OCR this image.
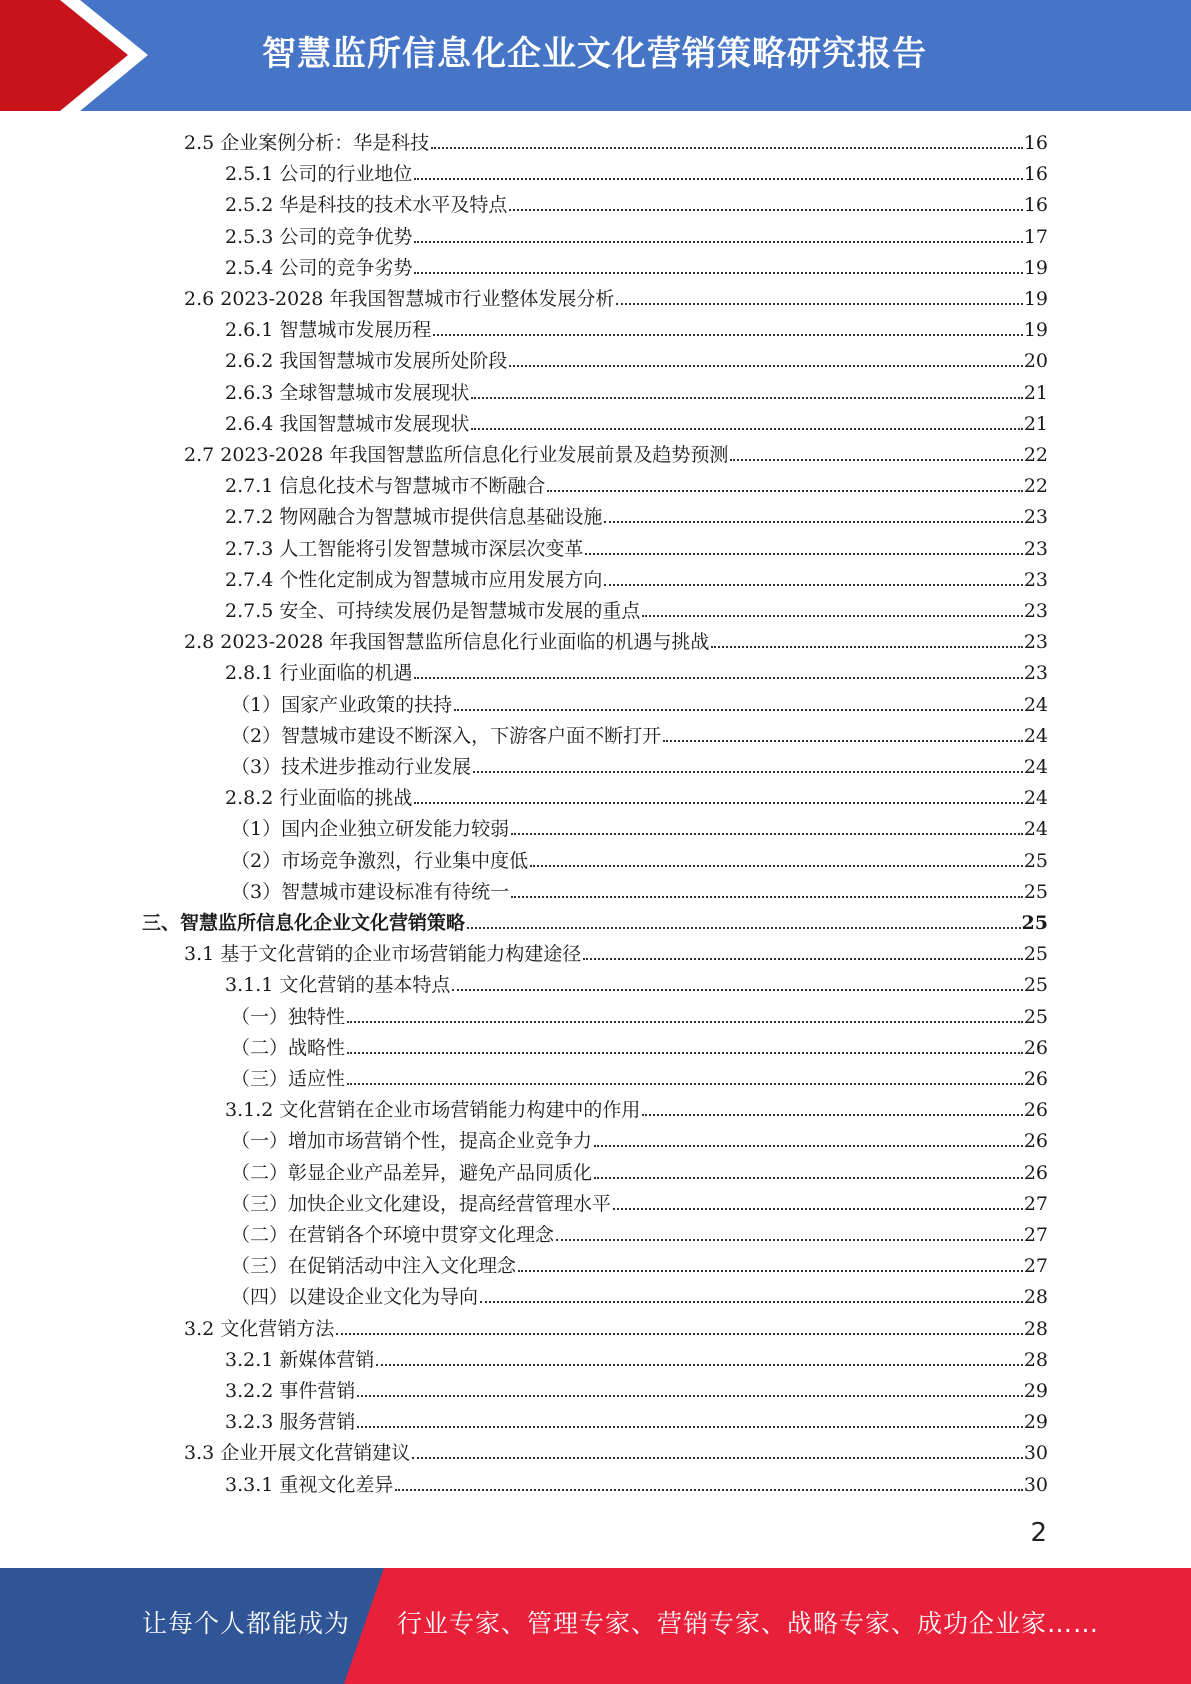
智慧监所信息化企业文化营销策略研究报告
2.5 企业案例分析：华是科技	16
2.5.1 公司的行业地位	16
2.5.2 华是科技的技术水平及特点	16
2.5.3 公司的竞争优势	17
2.5.4 公司的竞争劣势	19
2.6 2023-2028 年我国智慧城市行业整体发展分析	19
2.6.1 智慧城市发展历程	19
2.6.2 我国智慧城市发展所处阶段	20
2.6.3 全球智慧城市发展现状	21
2.6.4 我国智慧城市发展现状	21
2.7 2023-2028 年我国智慧监所信息化行业发展前景及趋势预测	22
2.7.1 信息化技术与智慧城市不断融合	22
2.7.2 物网融合为智慧城市提供信息基础设施	23
2.7.3 人工智能将引发智慧城市深层次变革	23
2.7.4 个性化定制成为智慧城市应用发展方向	23
2.7.5 安全、可持续发展仍是智慧城市发展的重点	23
2.8 2023-2028 年我国智慧监所信息化行业面临的机遇与挑战	23
2.8.1 行业面临的机遇	23
（1）国家产业政策的扶持	24
（2）智慧城市建设不断深入，下游客户面不断打开	24
（3）技术进步推动行业发展	24
2.8.2 行业面临的挑战	24
（1）国内企业独立研发能力较弱	24
（2）市场竞争激烈，行业集中度低	25
（3）智慧城市建设标准有待统一	25
三、智慧监所信息化企业文化营销策略	25
3.1 基于文化营销的企业市场营销能力构建途径	25
3.1.1 文化营销的基本特点	25
（一）独特性	25
（二）战略性	26
（三）适应性	26
3.1.2 文化营销在企业市场营销能力构建中的作用	26
（一）增加市场营销个性，提高企业竞争力	26
（二）彰显企业产品差异，避免产品同质化	26
（三）加快企业文化建设，提高经营管理水平	27
（二）在营销各个环境中贯穿文化理念	27
（三）在促销活动中注入文化理念	27
（四）以建设企业文化为导向	28
3.2 文化营销方法	28
3.2.1 新媒体营销	28
3.2.2 事件营销	29
3.2.3 服务营销	29
3.3 企业开展文化营销建议	30
3.3.1 重视文化差异	30
2
让每个人都能成为 行业专家、管理专家、营销专家、战略专家、成功企业家……
